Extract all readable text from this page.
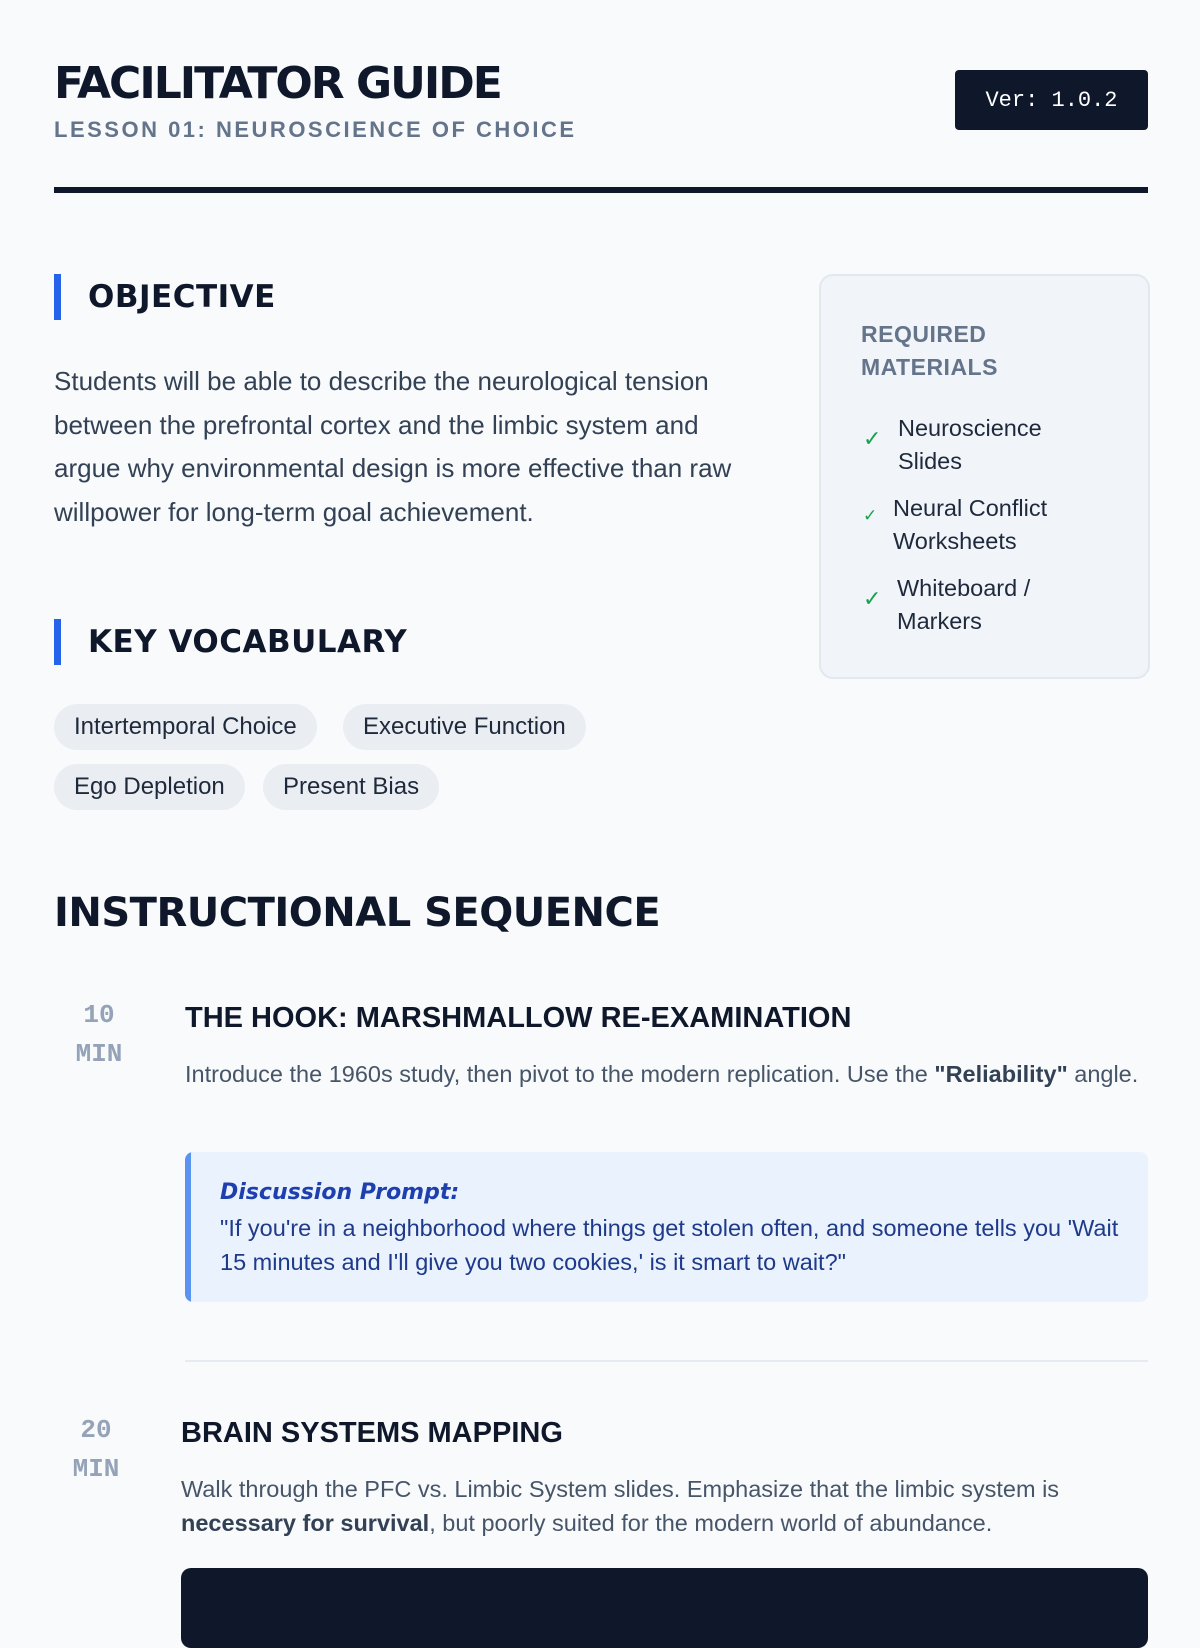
FACILITATOR GUIDE
LESSON 01: NEUROSCIENCE OF CHOICE
Ver: 1.0.2
OBJECTIVE
Students will be able to describe the neurological tension between the prefrontal cortex and the limbic system and argue why environmental design is more effective than raw willpower for long-term goal achievement.
KEY VOCABULARY
Intertemporal Choice	Executive Function
Ego Depletion	Present Bias
REQUIRED MATERIALS
✓ Neuroscience Slides
✓ Neural Conflict Worksheets
✓ Whiteboard / Markers
INSTRUCTIONAL SEQUENCE
10
MIN
THE HOOK: MARSHMALLOW RE-EXAMINATION
Introduce the 1960s study, then pivot to the modern replication. Use the "Reliability" angle.
Discussion Prompt:
"If you're in a neighborhood where things get stolen often, and someone tells you 'Wait 15 minutes and I'll give you two cookies,' is it smart to wait?"
20
MIN
BRAIN SYSTEMS MAPPING
Walk through the PFC vs. Limbic System slides. Emphasize that the limbic system is necessary for survival, but poorly suited for the modern world of abundance.
